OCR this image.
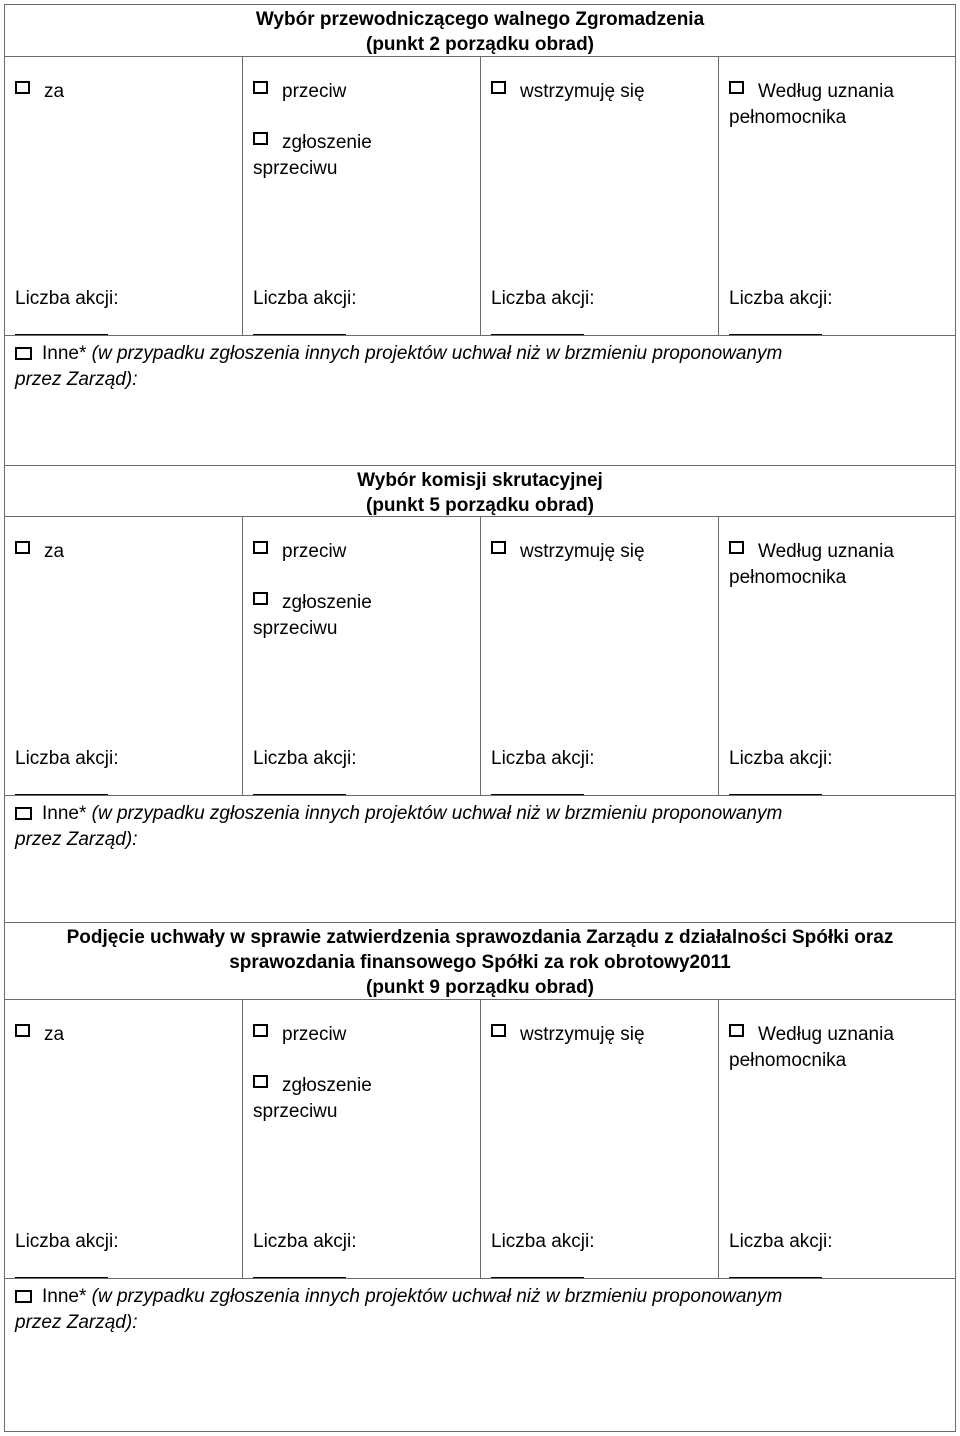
Wybór przewodniczącego walnego Zgromadzenia
(punkt 2 porządku obrad)
za
Liczba akcji:
przeciw
zgłoszenie
sprzeciwu
Liczba akcji:
wstrzymuję się
Liczba akcji:
Według uznania
pełnomocnika
Liczba akcji:
Inne* (w przypadku zgłoszenia innych projektów uchwał niż w brzmieniu proponowanym
przez Zarząd):
Wybór komisji skrutacyjnej
(punkt 5 porządku obrad)
za
Liczba akcji:
przeciw
zgłoszenie
sprzeciwu
Liczba akcji:
wstrzymuję się
Liczba akcji:
Według uznania
pełnomocnika
Liczba akcji:
Inne* (w przypadku zgłoszenia innych projektów uchwał niż w brzmieniu proponowanym
przez Zarząd):
Podjęcie uchwały w sprawie zatwierdzenia sprawozdania Zarządu z działalności Spółki oraz
sprawozdania finansowego Spółki za rok obrotowy2011
(punkt 9 porządku obrad)
za
Liczba akcji:
przeciw
zgłoszenie
sprzeciwu
Liczba akcji:
wstrzymuję się
Liczba akcji:
Według uznania
pełnomocnika
Liczba akcji:
Inne* (w przypadku zgłoszenia innych projektów uchwał niż w brzmieniu proponowanym
przez Zarząd):
